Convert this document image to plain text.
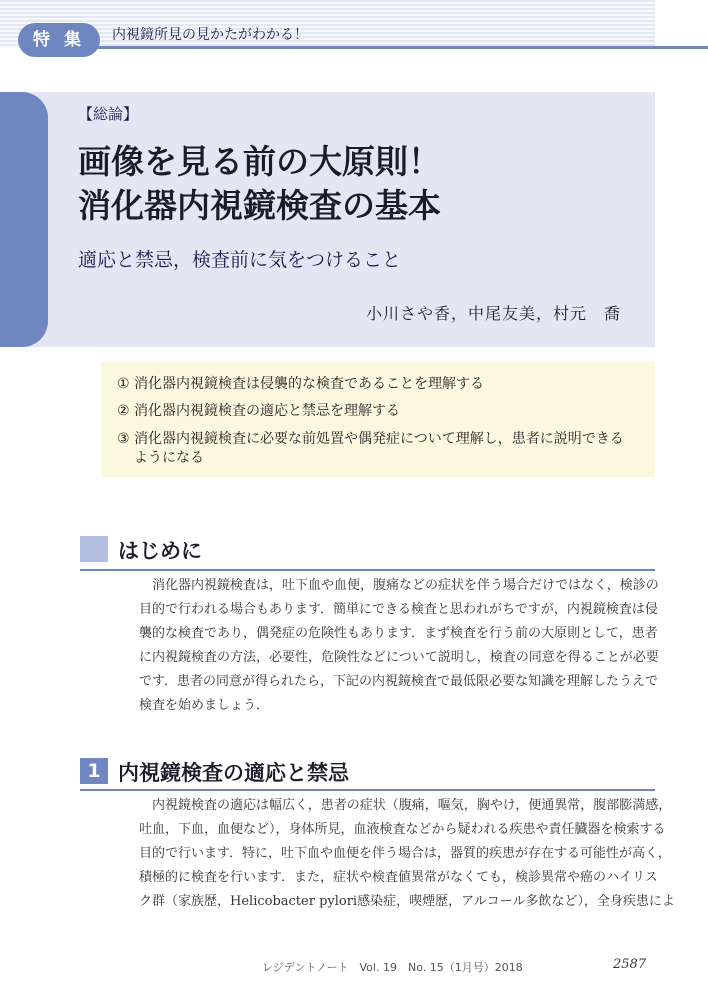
特 集	内視鏡所見の見かたがわかる！
【総論】
画像を見る前の大原則！
消化器内視鏡検査の基本
適応と禁忌，検査前に気をつけること
小川さや香，中尾友美，村元　喬
① 消化器内視鏡検査は侵襲的な検査であることを理解する
② 消化器内視鏡検査の適応と禁忌を理解する
③ 消化器内視鏡検査に必要な前処置や偶発症について理解し，患者に説明できる
ようになる
はじめに
消化器内視鏡検査は，吐下血や血便，腹痛などの症状を伴う場合だけではなく，検診の
目的で行われる場合もあります．簡単にできる検査と思われがちですが，内視鏡検査は侵
襲的な検査であり，偶発症の危険性もあります．まず検査を行う前の大原則として，患者
に内視鏡検査の方法，必要性，危険性などについて説明し，検査の同意を得ることが必要
です．患者の同意が得られたら，下記の内視鏡検査で最低限必要な知識を理解したうえで
検査を始めましょう．
1 内視鏡検査の適応と禁忌
内視鏡検査の適応は幅広く，患者の症状（腹痛，嘔気，胸やけ，便通異常，腹部膨満感，
吐血，下血，血便など），身体所見，血液検査などから疑われる疾患や責任臓器を検索する
目的で行います．特に，吐下血や血便を伴う場合は，器質的疾患が存在する可能性が高く，
積極的に検査を行います．また，症状や検査値異常がなくても，検診異常や癌のハイリス
ク群（家族歴，Helicobacter pylori感染症，喫煙歴，アルコール多飲など），全身疾患によ
レジデントノート　Vol. 19　No. 15（1月号）2018	2587
